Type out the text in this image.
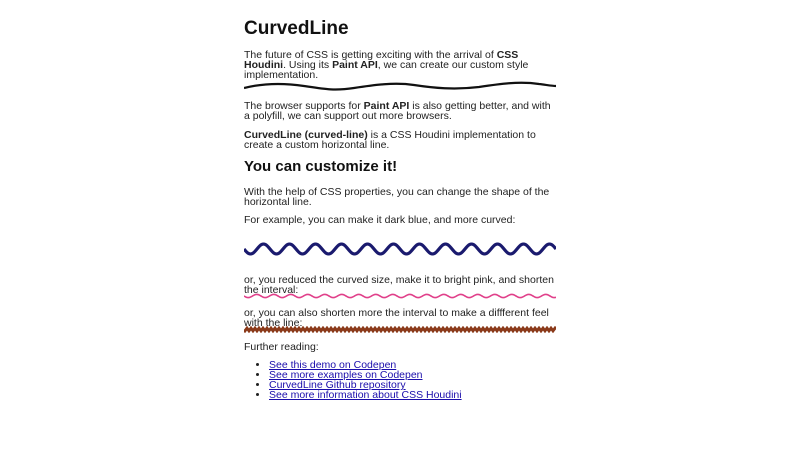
CurvedLine

The future of CSS is getting exciting with the arrival of CSS Houdini. Using its Paint API, we can create our custom style implementation.

The browser supports for Paint API is also getting better, and with a polyfill, we can support out more browsers.

CurvedLine (curved-line) is a CSS Houdini implementation to create a custom horizontal line.

You can customize it!

With the help of CSS properties, you can change the shape of the horizontal line.

For example, you can make it dark blue, and more curved:

or, you reduced the curved size, make it to bright pink, and shorten the interval:

or, you can also shorten more the interval to make a diffferent feel with the line:

Further reading:

• See this demo on Codepen
• See more examples on Codepen
• CurvedLine Github repository
• See more information about CSS Houdini
